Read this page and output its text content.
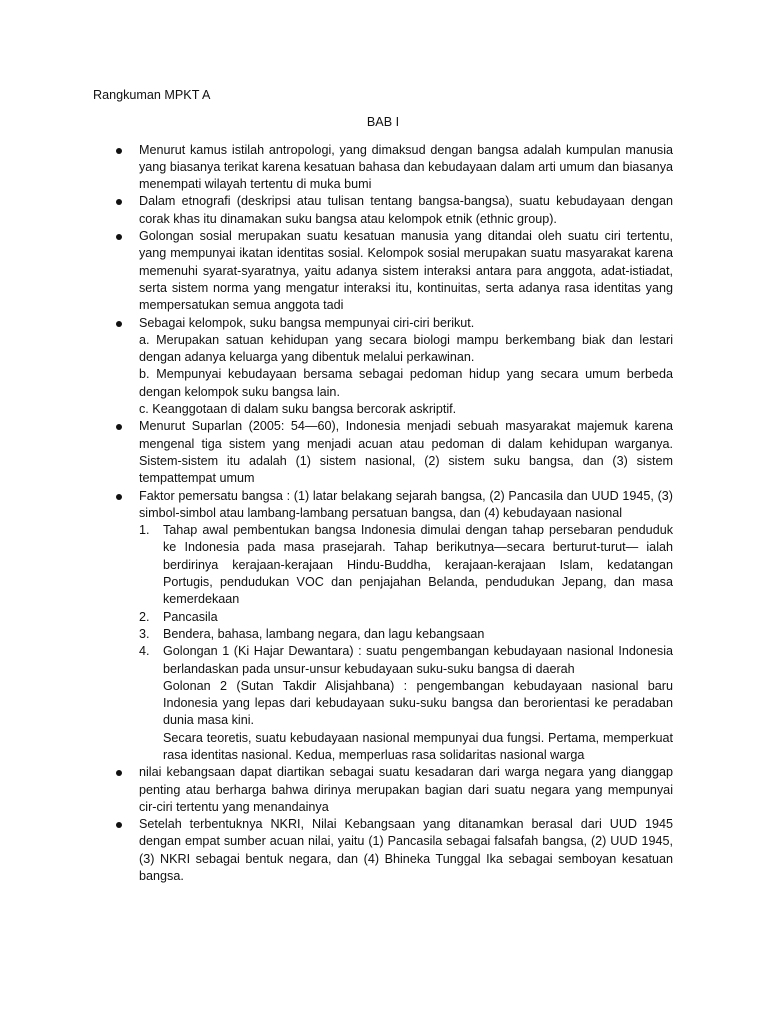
Rangkuman MPKT A
BAB I
Menurut kamus istilah antropologi, yang dimaksud dengan bangsa adalah kumpulan manusia yang biasanya terikat karena kesatuan bahasa dan kebudayaan dalam arti umum dan biasanya menempati wilayah tertentu di muka bumi
Dalam etnografi (deskripsi atau tulisan tentang bangsa-bangsa), suatu kebudayaan dengan corak khas itu dinamakan suku bangsa atau kelompok etnik (ethnic group).
Golongan sosial merupakan suatu kesatuan manusia yang ditandai oleh suatu ciri tertentu, yang mempunyai ikatan identitas sosial. Kelompok sosial merupakan suatu masyarakat karena memenuhi syarat-syaratnya, yaitu adanya sistem interaksi antara para anggota, adat-istiadat, serta sistem norma yang mengatur interaksi itu, kontinuitas, serta adanya rasa identitas yang mempersatukan semua anggota tadi
Sebagai kelompok, suku bangsa mempunyai ciri-ciri berikut.
a. Merupakan satuan kehidupan yang secara biologi mampu berkembang biak dan lestari dengan adanya keluarga yang dibentuk melalui perkawinan.
b. Mempunyai kebudayaan bersama sebagai pedoman hidup yang secara umum berbeda dengan kelompok suku bangsa lain.
c. Keanggotaan di dalam suku bangsa bercorak askriptif.
Menurut Suparlan (2005: 54—60), Indonesia menjadi sebuah masyarakat majemuk karena mengenal tiga sistem yang menjadi acuan atau pedoman di dalam kehidupan warganya. Sistem-sistem itu adalah (1) sistem nasional, (2) sistem suku bangsa, dan (3) sistem tempattempat umum
Faktor pemersatu bangsa : (1) latar belakang sejarah bangsa, (2) Pancasila dan UUD 1945, (3) simbol-simbol atau lambang-lambang persatuan bangsa, dan (4) kebudayaan nasional
1. Tahap awal pembentukan bangsa Indonesia dimulai dengan tahap persebaran penduduk ke Indonesia pada masa prasejarah. Tahap berikutnya—secara berturut-turut— ialah berdirinya kerajaan-kerajaan Hindu-Buddha, kerajaan-kerajaan Islam, kedatangan Portugis, pendudukan VOC dan penjajahan Belanda, pendudukan Jepang, dan masa kemerdekaan
2. Pancasila
3. Bendera, bahasa, lambang negara, dan lagu kebangsaan
4. Golongan 1 (Ki Hajar Dewantara) : suatu pengembangan kebudayaan nasional Indonesia berlandaskan pada unsur-unsur kebudayaan suku-suku bangsa di daerah
Golonan 2 (Sutan Takdir Alisjahbana) : pengembangan kebudayaan nasional baru Indonesia yang lepas dari kebudayaan suku-suku bangsa dan berorientasi ke peradaban dunia masa kini.
Secara teoretis, suatu kebudayaan nasional mempunyai dua fungsi. Pertama, memperkuat rasa identitas nasional. Kedua, memperluas rasa solidaritas nasional warga
nilai kebangsaan dapat diartikan sebagai suatu kesadaran dari warga negara yang dianggap penting atau berharga bahwa dirinya merupakan bagian dari suatu negara yang mempunyai cir-ciri tertentu yang menandainya
Setelah terbentuknya NKRI, Nilai Kebangsaan yang ditanamkan berasal dari UUD 1945 dengan empat sumber acuan nilai, yaitu (1) Pancasila sebagai falsafah bangsa, (2) UUD 1945, (3) NKRI sebagai bentuk negara, dan (4) Bhineka Tunggal Ika sebagai semboyan kesatuan bangsa.
